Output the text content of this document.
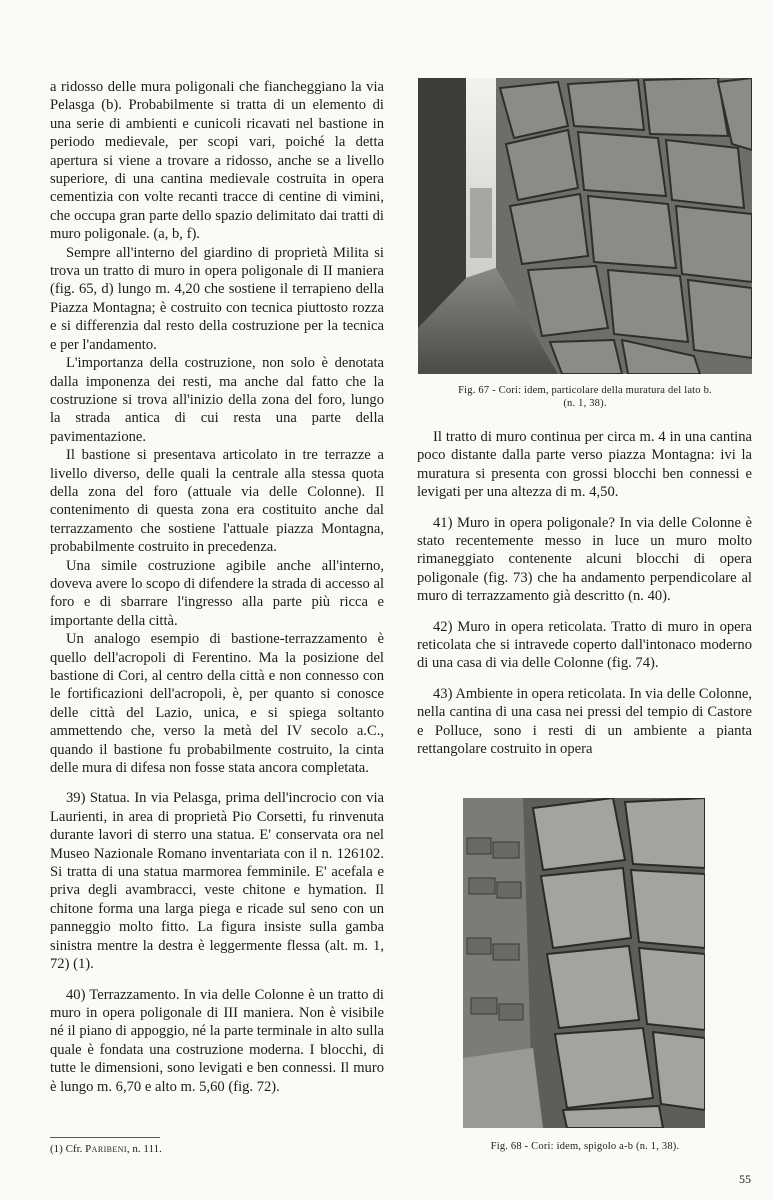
a ridosso delle mura poligonali che fiancheggiano la via Pelasga (b). Probabilmente si tratta di un elemento di una serie di ambienti e cunicoli ricavati nel bastione in periodo medievale, per scopi vari, poiché la detta apertura si viene a trovare a ridosso, anche se a livello superiore, di una cantina medievale costruita in opera cementizia con volte recanti tracce di centine di vimini, che occupa gran parte dello spazio delimitato dai tratti di muro poligonale. (a, b, f).

Sempre all'interno del giardino di proprietà Milita si trova un tratto di muro in opera poligonale di II maniera (fig. 65, d) lungo m. 4,20 che sostiene il terrapieno della Piazza Montagna; è costruito con tecnica piuttosto rozza e si differenzia dal resto della costruzione per la tecnica e per l'andamento.

L'importanza della costruzione, non solo è denotata dalla imponenza dei resti, ma anche dal fatto che la costruzione si trova all'inizio della zona del foro, lungo la strada antica di cui resta una parte della pavimentazione.

Il bastione si presentava articolato in tre terrazze a livello diverso, delle quali la centrale alla stessa quota della zona del foro (attuale via delle Colonne). Il contenimento di questa zona era costituito anche dal terrazzamento che sostiene l'attuale piazza Montagna, probabilmente costruito in precedenza.

Una simile costruzione agibile anche all'interno, doveva avere lo scopo di difendere la strada di accesso al foro e di sbarrare l'ingresso alla parte più ricca e importante della città.

Un analogo esempio di bastione-terrazzamento è quello dell'acropoli di Ferentino. Ma la posizione del bastione di Cori, al centro della città e non connesso con le fortificazioni dell'acropoli, è, per quanto si conosce delle città del Lazio, unica, e si spiega soltanto ammettendo che, verso la metà del IV secolo a.C., quando il bastione fu probabilmente costruito, la cinta delle mura di difesa non fosse stata ancora completata.

39) Statua. In via Pelasga, prima dell'incrocio con via Laurienti, in area di proprietà Pio Corsetti, fu rinvenuta durante lavori di sterro una statua. E' conservata ora nel Museo Nazionale Romano inventariata con il n. 126102. Si tratta di una statua marmorea femminile. E' acefala e priva degli avambracci, veste chitone e hymation. Il chitone forma una larga piega e ricade sul seno con un panneggio molto fitto. La figura insiste sulla gamba sinistra mentre la destra è leggermente flessa (alt. m. 1, 72) (1).

40) Terrazzamento. In via delle Colonne è un tratto di muro in opera poligonale di III maniera. Non è visibile né il piano di appoggio, né la parte terminale in alto sulla quale è fondata una costruzione moderna. I blocchi, di tutte le dimensioni, sono levigati e ben connessi. Il muro è lungo m. 6,70 e alto m. 5,60 (fig. 72).

Fig. 67 - Cori: idem, particolare della muratura del lato b.
(n. 1, 38).

Il tratto di muro continua per circa m. 4 in una cantina poco distante dalla parte verso piazza Montagna: ivi la muratura si presenta con grossi blocchi ben connessi e levigati per una altezza di m. 4,50.

41) Muro in opera poligonale? In via delle Colonne è stato recentemente messo in luce un muro molto rimaneggiato contenente alcuni blocchi di opera poligonale (fig. 73) che ha andamento perpendicolare al muro di terrazzamento già descritto (n. 40).

42) Muro in opera reticolata. Tratto di muro in opera reticolata che si intravede coperto dall'intonaco moderno di una casa di via delle Colonne (fig. 74).

43) Ambiente in opera reticolata. In via delle Colonne, nella cantina di una casa nei pressi del tempio di Castore e Polluce, sono i resti di un ambiente a pianta rettangolare costruito in opera

Fig. 68 - Cori: idem, spigolo a-b (n. 1, 38).
(1) Cfr. Paribeni, n. 111.
55
